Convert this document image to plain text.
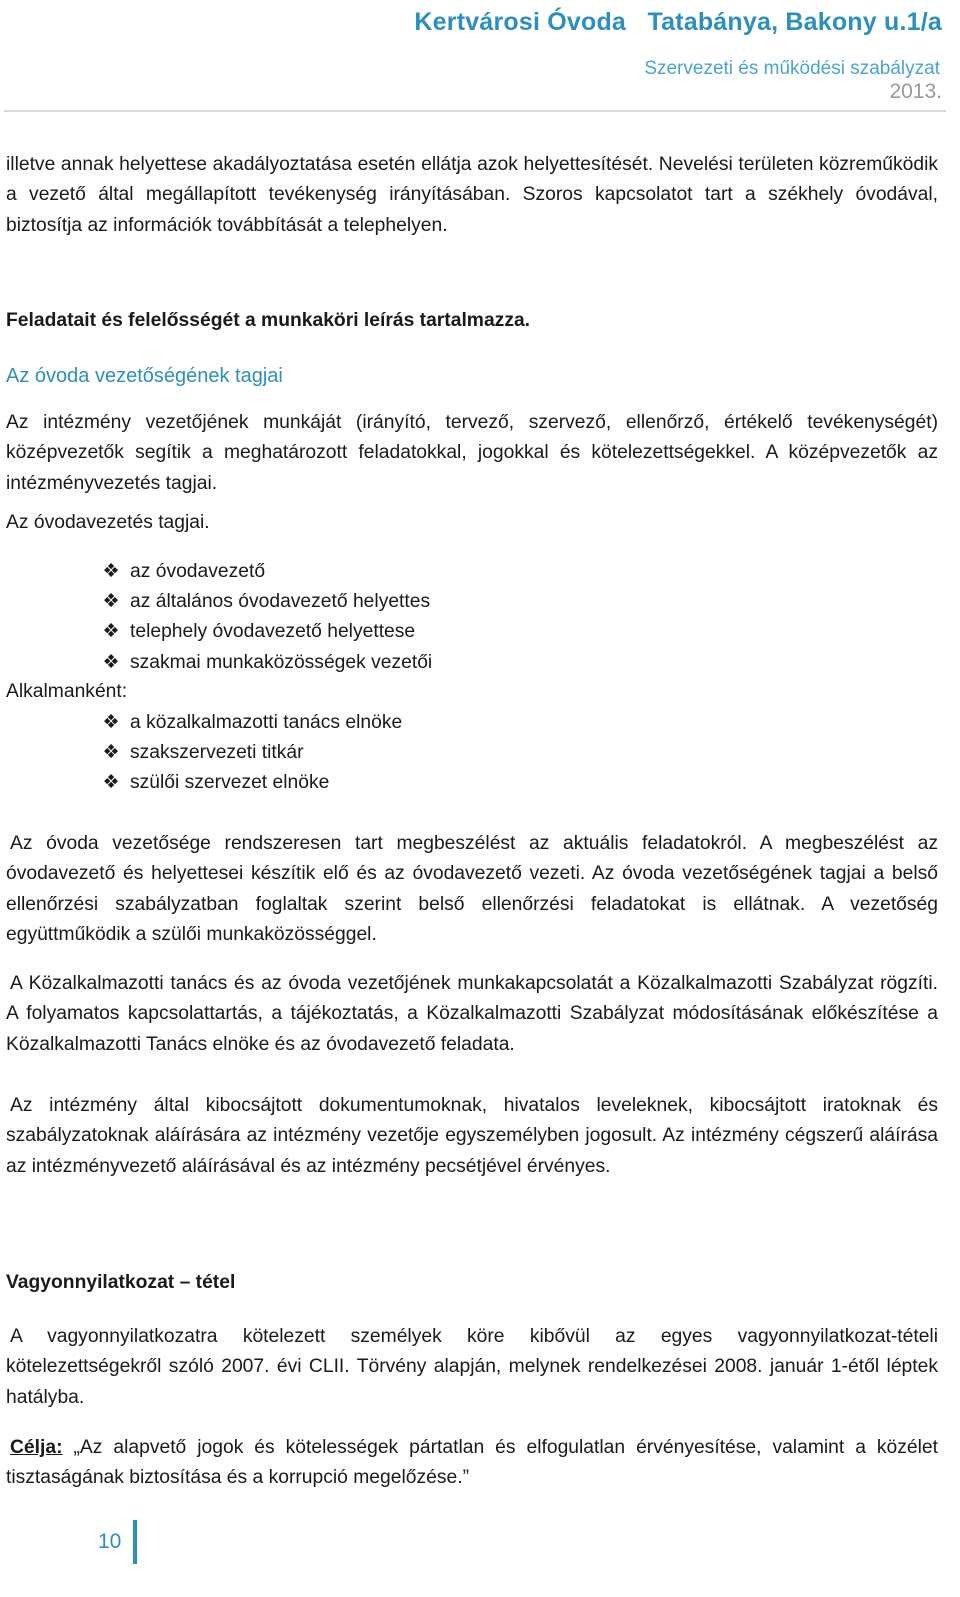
Kertvárosi Óvoda   Tatabánya, Bakony u.1/a
Szervezeti és működési szabályzat
2013.

illetve annak helyettese akadályoztatása esetén ellátja azok helyettesítését. Nevelési területen közreműködik a vezető által megállapított tevékenység irányításában. Szoros kapcsolatot tart a székhely óvodával, biztosítja az információk továbbítását a telephelyen.

Feladatait és felelősségét a munkaköri leírás tartalmazza.

Az óvoda vezetőségének tagjai

Az intézmény vezetőjének munkáját (irányító, tervező, szervező, ellenőrző, értékelő tevékenységét) középvezetők segítik a meghatározott feladatokkal, jogokkal és kötelezettségekkel. A középvezetők az intézményvezetés tagjai.

Az óvodavezetés tagjai.

❖ az óvodavezető
❖ az általános óvodavezető helyettes
❖ telephely óvodavezető helyettese
❖ szakmai munkaközösségek vezetői

Alkalmanként:

❖ a közalkalmazotti tanács elnöke
❖ szakszervezeti titkár
❖ szülői szervezet elnöke

Az óvoda vezetősége rendszeresen tart megbeszélést az aktuális feladatokról. A megbeszélést az óvodavezető és helyettesei készítik elő és az óvodavezető vezeti. Az óvoda vezetőségének tagjai a belső ellenőrzési szabályzatban foglaltak szerint belső ellenőrzési feladatokat is ellátnak. A vezetőség együttműködik a szülői munkaközösséggel.

A Közalkalmazotti tanács és az óvoda vezetőjének munkakapcsolatát a Közalkalmazotti Szabályzat rögzíti. A folyamatos kapcsolattartás, a tájékoztatás, a Közalkalmazotti Szabályzat módosításának előkészítése a Közalkalmazotti Tanács elnöke és az óvodavezető feladata.

Az intézmény által kibocsájtott dokumentumoknak, hivatalos leveleknek, kibocsájtott iratoknak és szabályzatoknak aláírására az intézmény vezetője egyszemélyben jogosult. Az intézmény cégszerű aláírása az intézményvezető aláírásával és az intézmény pecsétjével érvényes.

Vagyonnyilatkozat – tétel

A vagyonnyilatkozatra kötelezett személyek köre kibővül az egyes vagyonnyilatkozat-tételi kötelezettségekről szóló 2007. évi CLII. Törvény alapján, melynek rendelkezései 2008. január 1-étől léptek hatályba.

Célja: „Az alapvető jogok és kötelességek pártatlan és elfogulatlan érvényesítése, valamint a közélet tisztaságának biztosítása és a korrupció megelőzése.”

10
